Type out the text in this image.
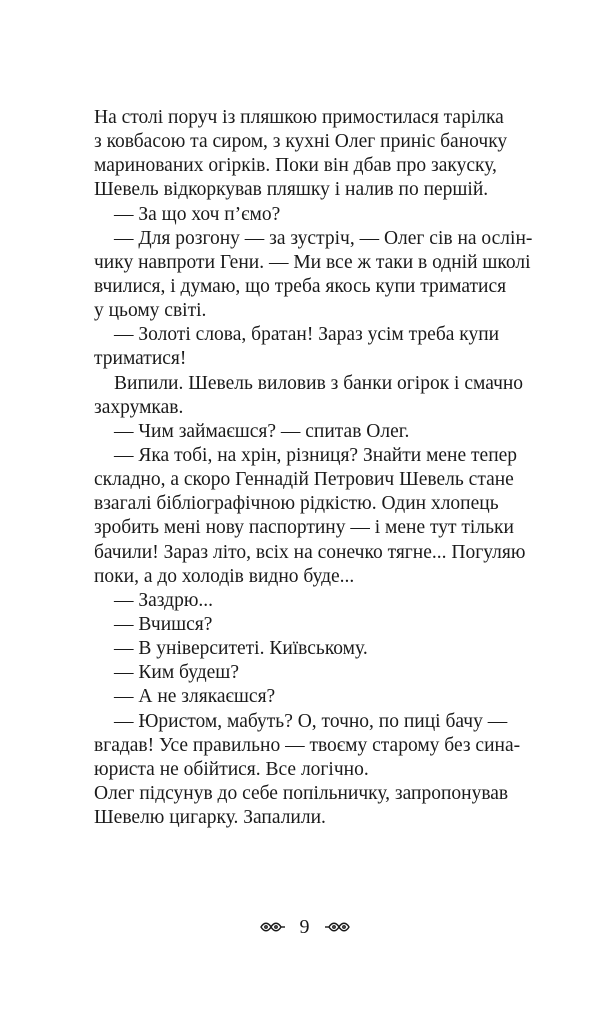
На столі поруч із пляшкою примостилася тарілка
з ковбасою та сиром, з кухні Олег приніс баночку
маринованих огірків. Поки він дбав про закуску,
Шевель відкоркував пляшку і налив по першій.
— За що хоч п’ємо?
— Для розгону — за зустріч, — Олег сів на ослін-
чику навпроти Гени. — Ми все ж таки в одній школі
вчилися, і думаю, що треба якось купи триматися
у цьому світі.
— Золоті слова, братан! Зараз усім треба купи
триматися!
Випили. Шевель виловив з банки огірок і смачно
захрумкав.
— Чим займаєшся? — спитав Олег.
— Яка тобі, на хрін, різниця? Знайти мене тепер
складно, а скоро Геннадій Петрович Шевель стане
взагалі бібліографічною рідкістю. Один хлопець
зробить мені нову паспортину — і мене тут тільки
бачили! Зараз літо, всіх на сонечко тягне... Погуляю
поки, а до холодів видно буде...
— Заздрю...
— Вчишся?
— В університеті. Київському.
— Ким будеш?
— А не злякаєшся?
— Юристом, мабуть? О, точно, по пиці бачу —
вгадав! Усе правильно — твоєму старому без сина-
юриста не обійтися. Все логічно.
Олег підсунув до себе попільничку, запропонував
Шевелю цигарку. Запалили.
9
